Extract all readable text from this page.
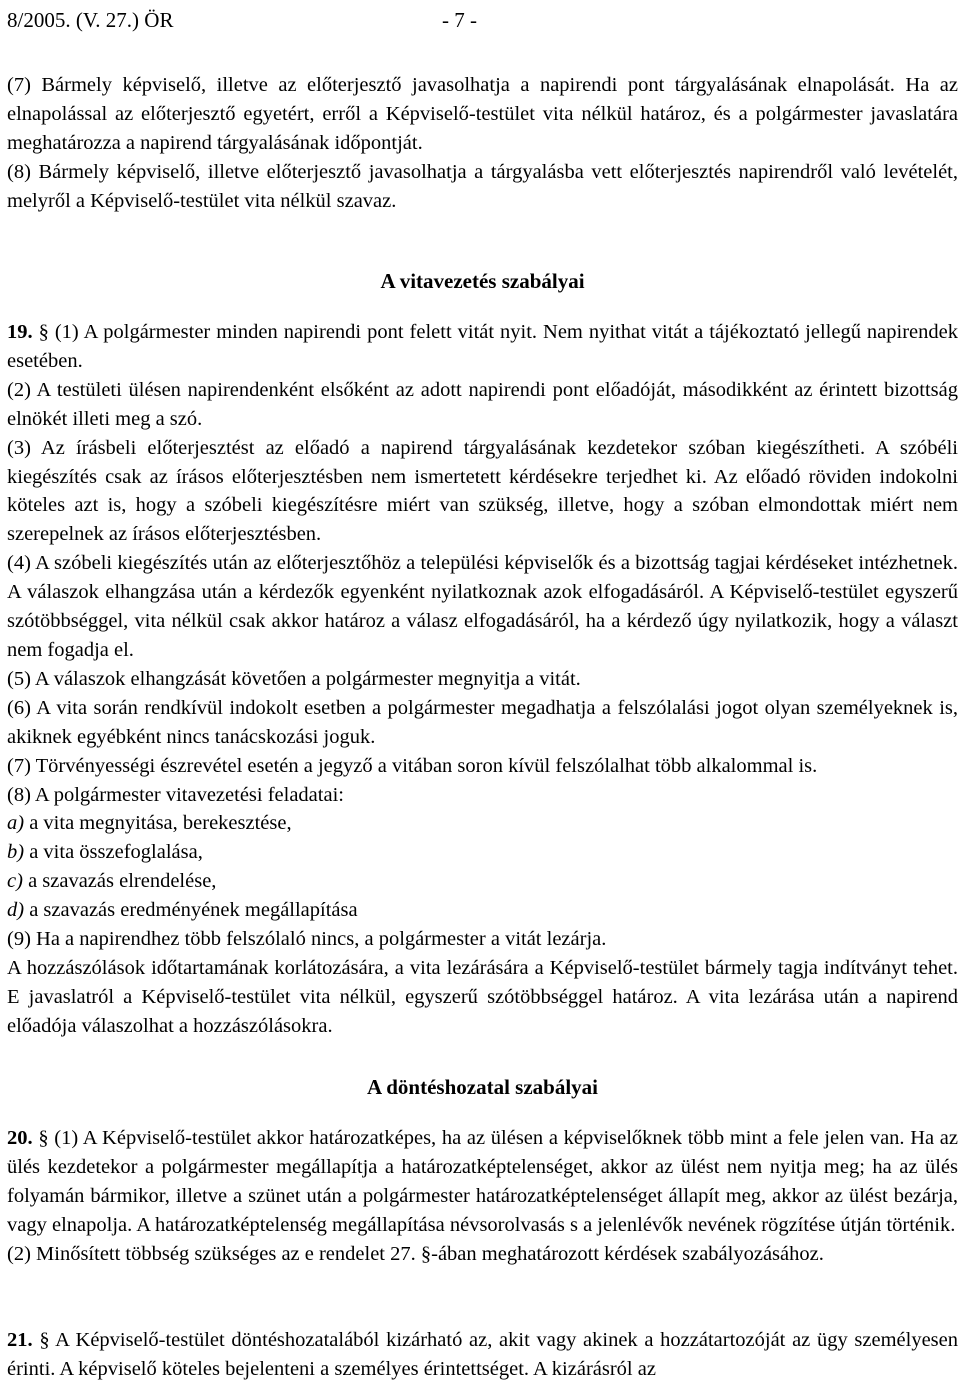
8/2005. (V. 27.) ÖR	- 7 -

(7) Bármely képviselő, illetve az előterjesztő javasolhatja a napirendi pont tárgyalásának elnapolását. Ha az elnapolással az előterjesztő egyetért, erről a Képviselő-testület vita nélkül határoz, és a polgármester javaslatára meghatározza a napirend tárgyalásának időpontját.

(8) Bármely képviselő, illetve előterjesztő javasolhatja a tárgyalásba vett előterjesztés napirendről való levételét, melyről a Képviselő-testület vita nélkül szavaz.

A vitavezetés szabályai

19. § (1) A polgármester minden napirendi pont felett vitát nyit. Nem nyithat vitát a tájékoztató jellegű napirendek esetében.

(2) A testületi ülésen napirendenként elsőként az adott napirendi pont előadóját, másodikként az érintett bizottság elnökét illeti meg a szó.

(3) Az írásbeli előterjesztést az előadó a napirend tárgyalásának kezdetekor szóban kiegészítheti. A szóbéli kiegészítés csak az írásos előterjesztésben nem ismertetett kérdésekre terjedhet ki. Az előadó röviden indokolni köteles azt is, hogy a szóbeli kiegészítésre miért van szükség, illetve, hogy a szóban elmondottak miért nem szerepelnek az írásos előterjesztésben.

(4) A szóbeli kiegészítés után az előterjesztőhöz a települési képviselők és a bizottság tagjai kérdéseket intézhetnek. A válaszok elhangzása után a kérdezők egyenként nyilatkoznak azok elfogadásáról. A Képviselő-testület egyszerű szótöbbséggel, vita nélkül csak akkor határoz a válasz elfogadásáról, ha a kérdező úgy nyilatkozik, hogy a választ nem fogadja el.

(5) A válaszok elhangzását követően a polgármester megnyitja a vitát.

(6) A vita során rendkívül indokolt esetben a polgármester megadhatja a felszólalási jogot olyan személyeknek is, akiknek egyébként nincs tanácskozási joguk.

(7) Törvényességi észrevétel esetén a jegyző a vitában soron kívül felszólalhat több alkalommal is.

(8) A polgármester vitavezetési feladatai:

a) a vita megnyitása, berekesztése,

b) a vita összefoglalása,

c) a szavazás elrendelése,

d) a szavazás eredményének megállapítása

(9) Ha a napirendhez több felszólaló nincs, a polgármester a vitát lezárja.

A hozzászólások időtartamának korlátozására, a vita lezárására a Képviselő-testület bármely tagja indítványt tehet. E javaslatról a Képviselő-testület vita nélkül, egyszerű szótöbbséggel határoz. A vita lezárása után a napirend előadója válaszolhat a hozzászólásokra.

A döntéshozatal szabályai

20. § (1) A Képviselő-testület akkor határozatképes, ha az ülésen a képviselőknek több mint a fele jelen van. Ha az ülés kezdetekor a polgármester megállapítja a határozatképtelenséget, akkor az ülést nem nyitja meg; ha az ülés folyamán bármikor, illetve a szünet után a polgármester határozatképtelenséget állapít meg, akkor az ülést bezárja, vagy elnapolja. A határozatképtelenség megállapítása névsorolvasás s a jelenlévők nevének rögzítése útján történik.

(2) Minősített többség szükséges az e rendelet 27. §-ában meghatározott kérdések szabályozásához.

21. § A Képviselő-testület döntéshozatalából kizárható az, akit vagy akinek a hozzátartozóját az ügy személyesen érinti. A képviselő köteles bejelenteni a személyes érintettséget. A kizárásról az
